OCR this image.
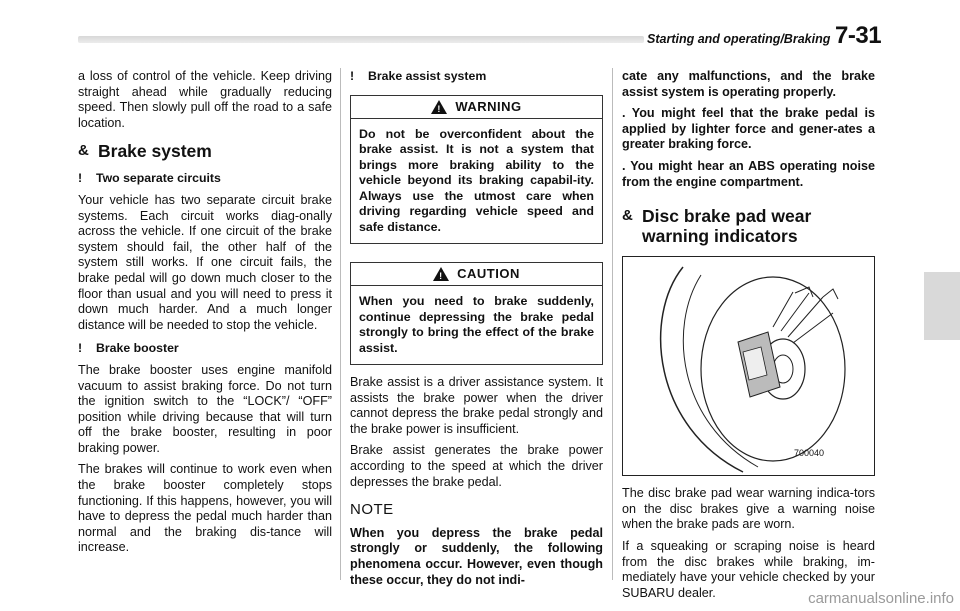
Starting and operating/Braking 7-31

a loss of control of the vehicle. Keep driving straight ahead while gradually reducing speed. Then slowly pull off the road to a safe location.

& Brake system
!	Two separate circuits

Your vehicle has two separate circuit brake systems. Each circuit works diag-onally across the vehicle. If one circuit of the brake system should fail, the other half of the system still works. If one circuit fails, the brake pedal will go down much closer to the floor than usual and you will need to press it down much harder. And a much longer distance will be needed to stop the vehicle.

!	Brake booster

The brake booster uses engine manifold vacuum to assist braking force. Do not turn the ignition switch to the “LOCK”/ “OFF” position while driving because that will turn off the brake booster, resulting in poor braking power.

The brakes will continue to work even when the brake booster completely stops functioning. If this happens, however, you will have to depress the pedal much harder than normal and the braking dis-tance will increase.

!	Brake assist system
!
WARNING
Do not be overconfident about the brake assist. It is not a system that brings more braking ability to the vehicle beyond its braking capabil-ity. Always use the utmost care when driving regarding vehicle speed and safe distance.
!
CAUTION
When you need to brake suddenly, continue depressing the brake pedal strongly to bring the effect of the brake assist.

Brake assist is a driver assistance system. It assists the brake power when the driver cannot depress the brake pedal strongly and the brake power is insufficient.

Brake assist generates the brake power according to the speed at which the driver depresses the brake pedal.

NOTE

When you depress the brake pedal strongly or suddenly, the following phenomena occur. However, even though these occur, they do not indi-

cate any malfunctions, and the brake assist system is operating properly.

. You might feel that the brake pedal is applied by lighter force and gener-ates a greater braking force.

. You might hear an ABS operating noise from the engine compartment.

& Disc brake pad wear warning indicators
700040

The disc brake pad wear warning indica-tors on the disc brakes give a warning noise when the brake pads are worn.

If a squeaking or scraping noise is heard from the disc brakes while braking, im-mediately have your vehicle checked by your SUBARU dealer.	carmanualsonline.info
